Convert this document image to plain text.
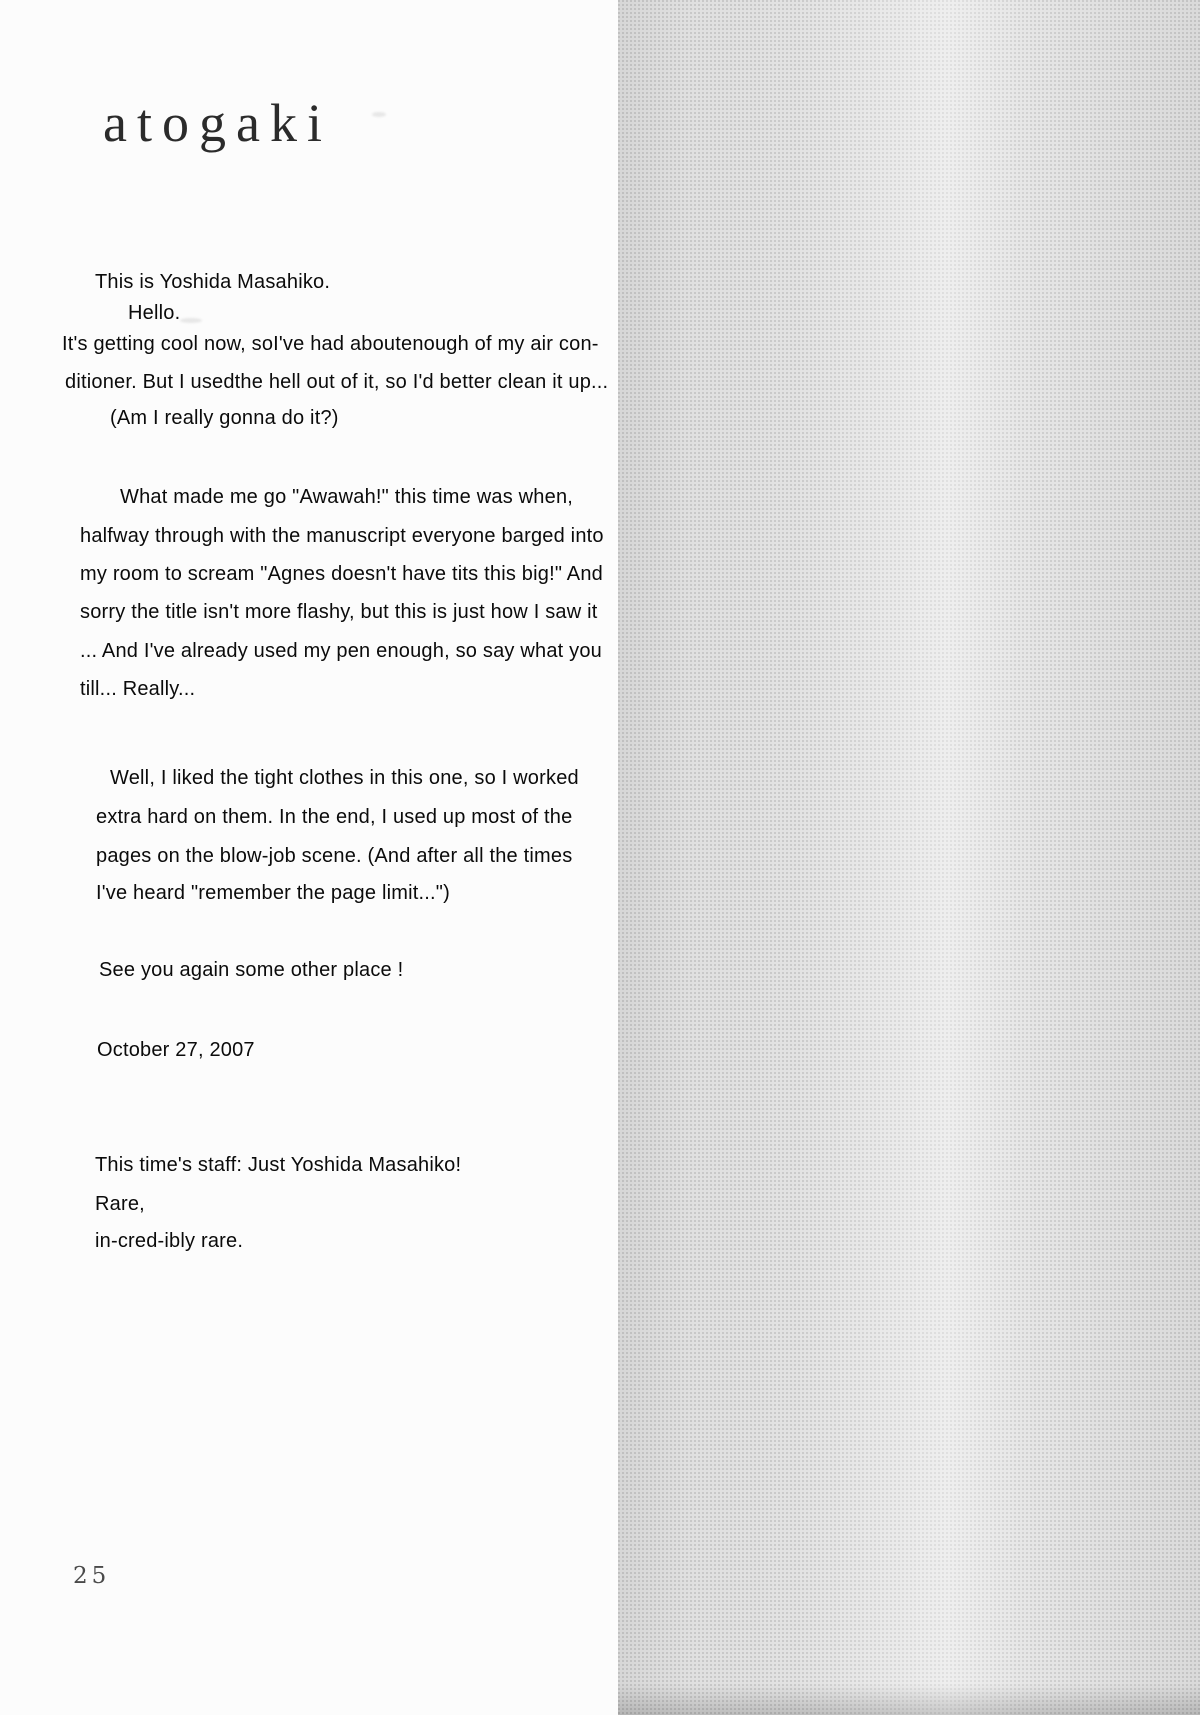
atogaki
This is Yoshida Masahiko.
Hello.
It's getting cool now, soI've had aboutenough of my air con-
ditioner. But I usedthe hell out of it, so I'd better clean it up...
(Am I really gonna do it?)
What made me go "Awawah!" this time was when,
halfway through with the manuscript everyone barged into
my room to scream "Agnes doesn't have tits this big!" And
sorry the title isn't more flashy, but this is just how I saw it
... And I've already used my pen enough, so say what you
till... Really...
Well, I liked the tight clothes in this one, so I worked
extra hard on them. In the end, I used up most of the
pages on the blow-job scene. (And after all the times
I've heard "remember the page limit...")
See you again some other place !
October 27, 2007
This time's staff: Just Yoshida Masahiko!
Rare,
in-cred-ibly rare.
25
